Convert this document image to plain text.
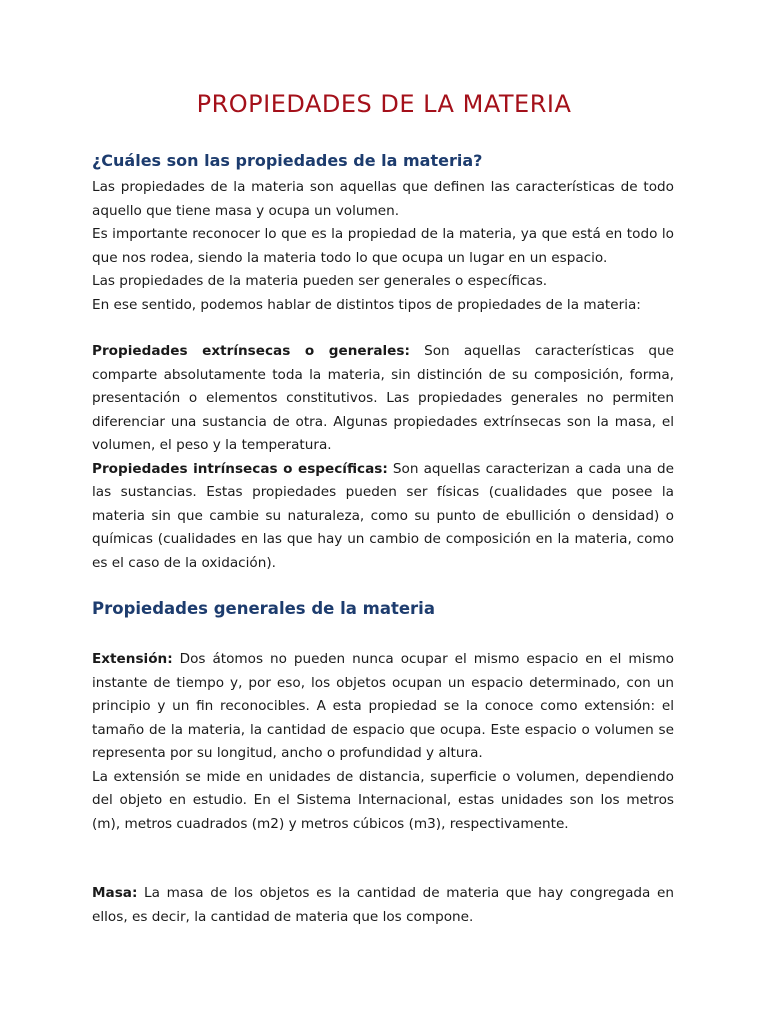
PROPIEDADES DE LA MATERIA
¿Cuáles son las propiedades de la materia?

Las propiedades de la materia son aquellas que definen las características de todo aquello que tiene masa y ocupa un volumen.

Es importante reconocer lo que es la propiedad de la materia, ya que está en todo lo que nos rodea, siendo la materia todo lo que ocupa un lugar en un espacio.

Las propiedades de la materia pueden ser generales o específicas.

En ese sentido, podemos hablar de distintos tipos de propiedades de la materia:

Propiedades extrínsecas o generales: Son aquellas características que comparte absolutamente toda la materia, sin distinción de su composición, forma, presentación o elementos constitutivos. Las propiedades generales no permiten diferenciar una sustancia de otra. Algunas propiedades extrínsecas son la masa, el volumen, el peso y la temperatura.

Propiedades intrínsecas o específicas: Son aquellas caracterizan a cada una de las sustancias. Estas propiedades pueden ser físicas (cualidades que posee la materia sin que cambie su naturaleza, como su punto de ebullición o densidad) o químicas (cualidades en las que hay un cambio de composición en la materia, como es el caso de la oxidación).

Propiedades generales de la materia

Extensión: Dos átomos no pueden nunca ocupar el mismo espacio en el mismo instante de tiempo y, por eso, los objetos ocupan un espacio determinado, con un principio y un fin reconocibles. A esta propiedad se la conoce como extensión: el tamaño de la materia, la cantidad de espacio que ocupa. Este espacio o volumen se representa por su longitud, ancho o profundidad y altura.

La extensión se mide en unidades de distancia, superficie o volumen, dependiendo del objeto en estudio. En el Sistema Internacional, estas unidades son los metros (m), metros cuadrados (m2) y metros cúbicos (m3), respectivamente.

Masa: La masa de los objetos es la cantidad de materia que hay congregada en ellos, es decir, la cantidad de materia que los compone.
